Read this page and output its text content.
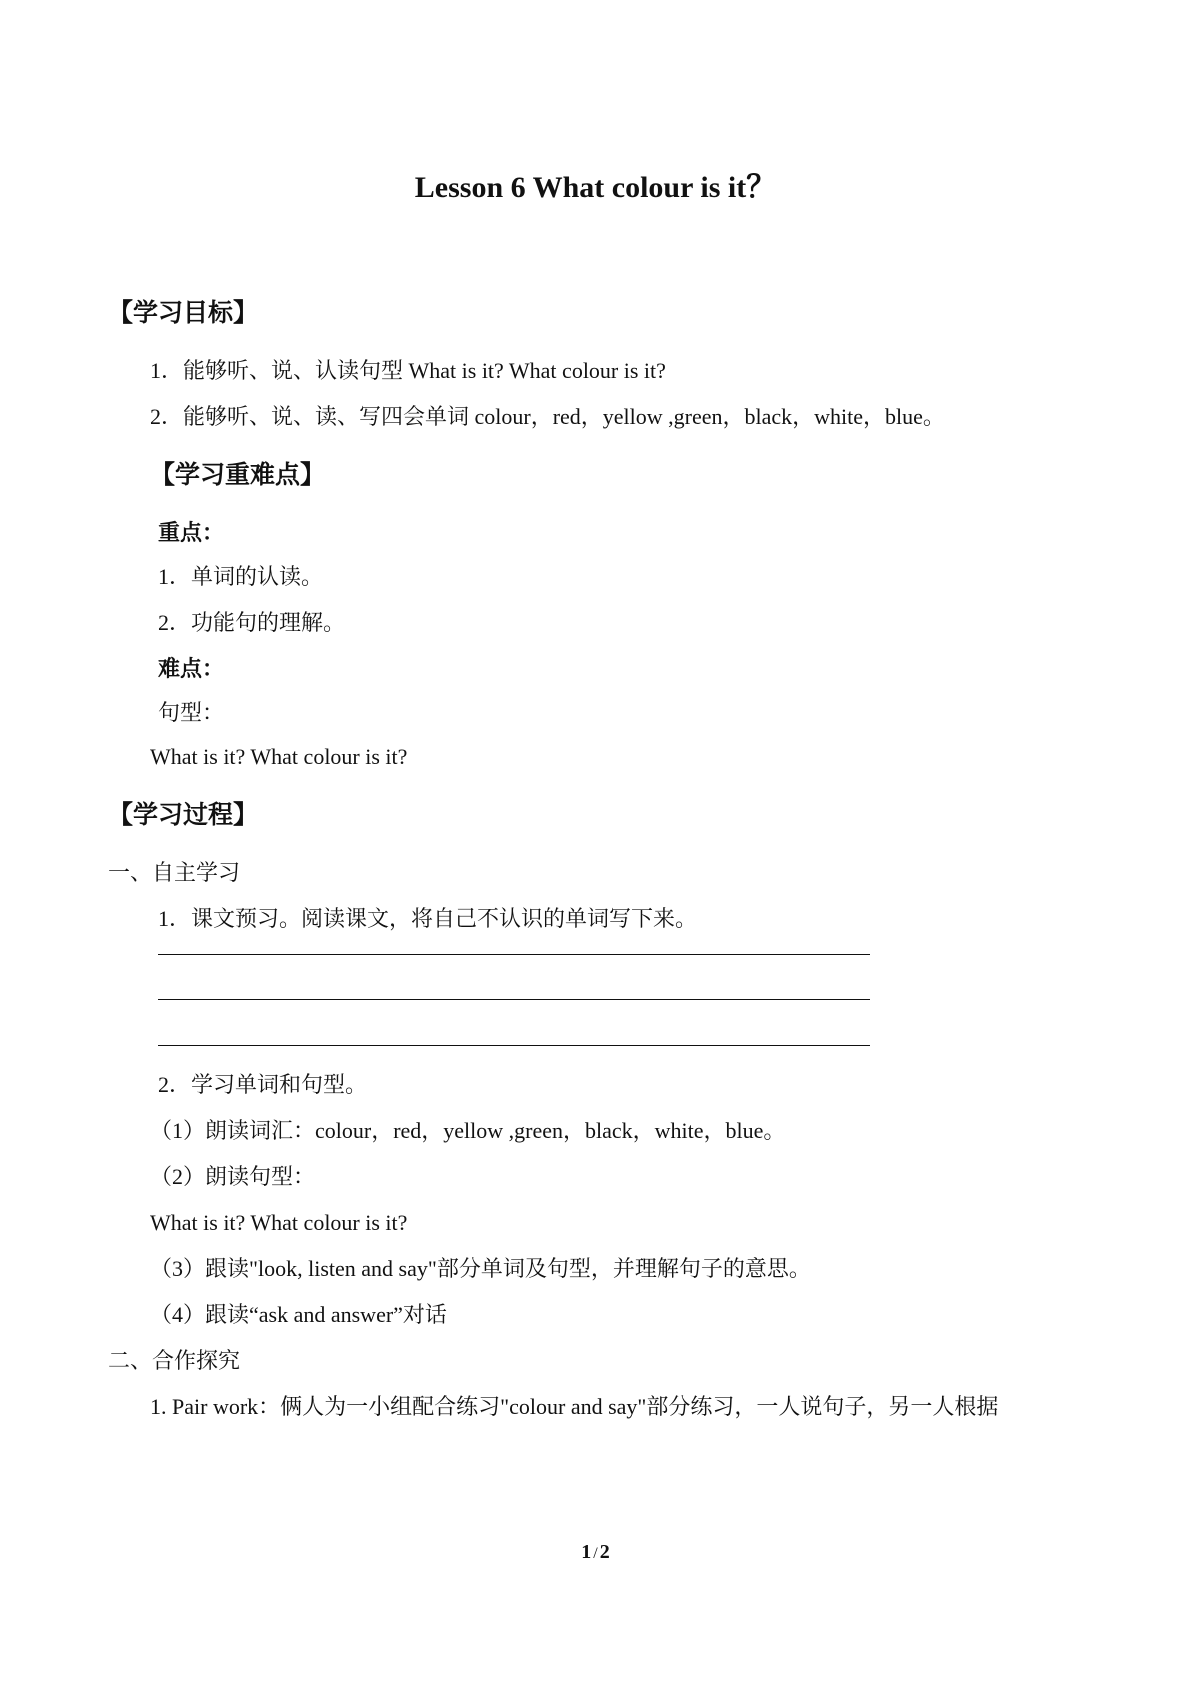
Lesson 6 What colour is it？
【学习目标】
1．能够听、说、认读句型 What is it? What colour is it?
2．能够听、说、读、写四会单词 colour，red，yellow ,green，black，white，blue。
【学习重难点】
重点：
1．单词的认读。
2．功能句的理解。
难点：
句型：
What is it? What colour is it?
【学习过程】
一、自主学习
1．课文预习。阅读课文，将自己不认识的单词写下来。
2．学习单词和句型。
（1）朗读词汇：colour，red，yellow ,green，black，white，blue。
（2）朗读句型：
What is it? What colour is it?
（3）跟读"look, listen and say"部分单词及句型，并理解句子的意思。
（4）跟读“ask and answer”对话
二、合作探究
1. Pair work：俩人为一小组配合练习"colour and say"部分练习，一人说句子，另一人根据
1 / 2
